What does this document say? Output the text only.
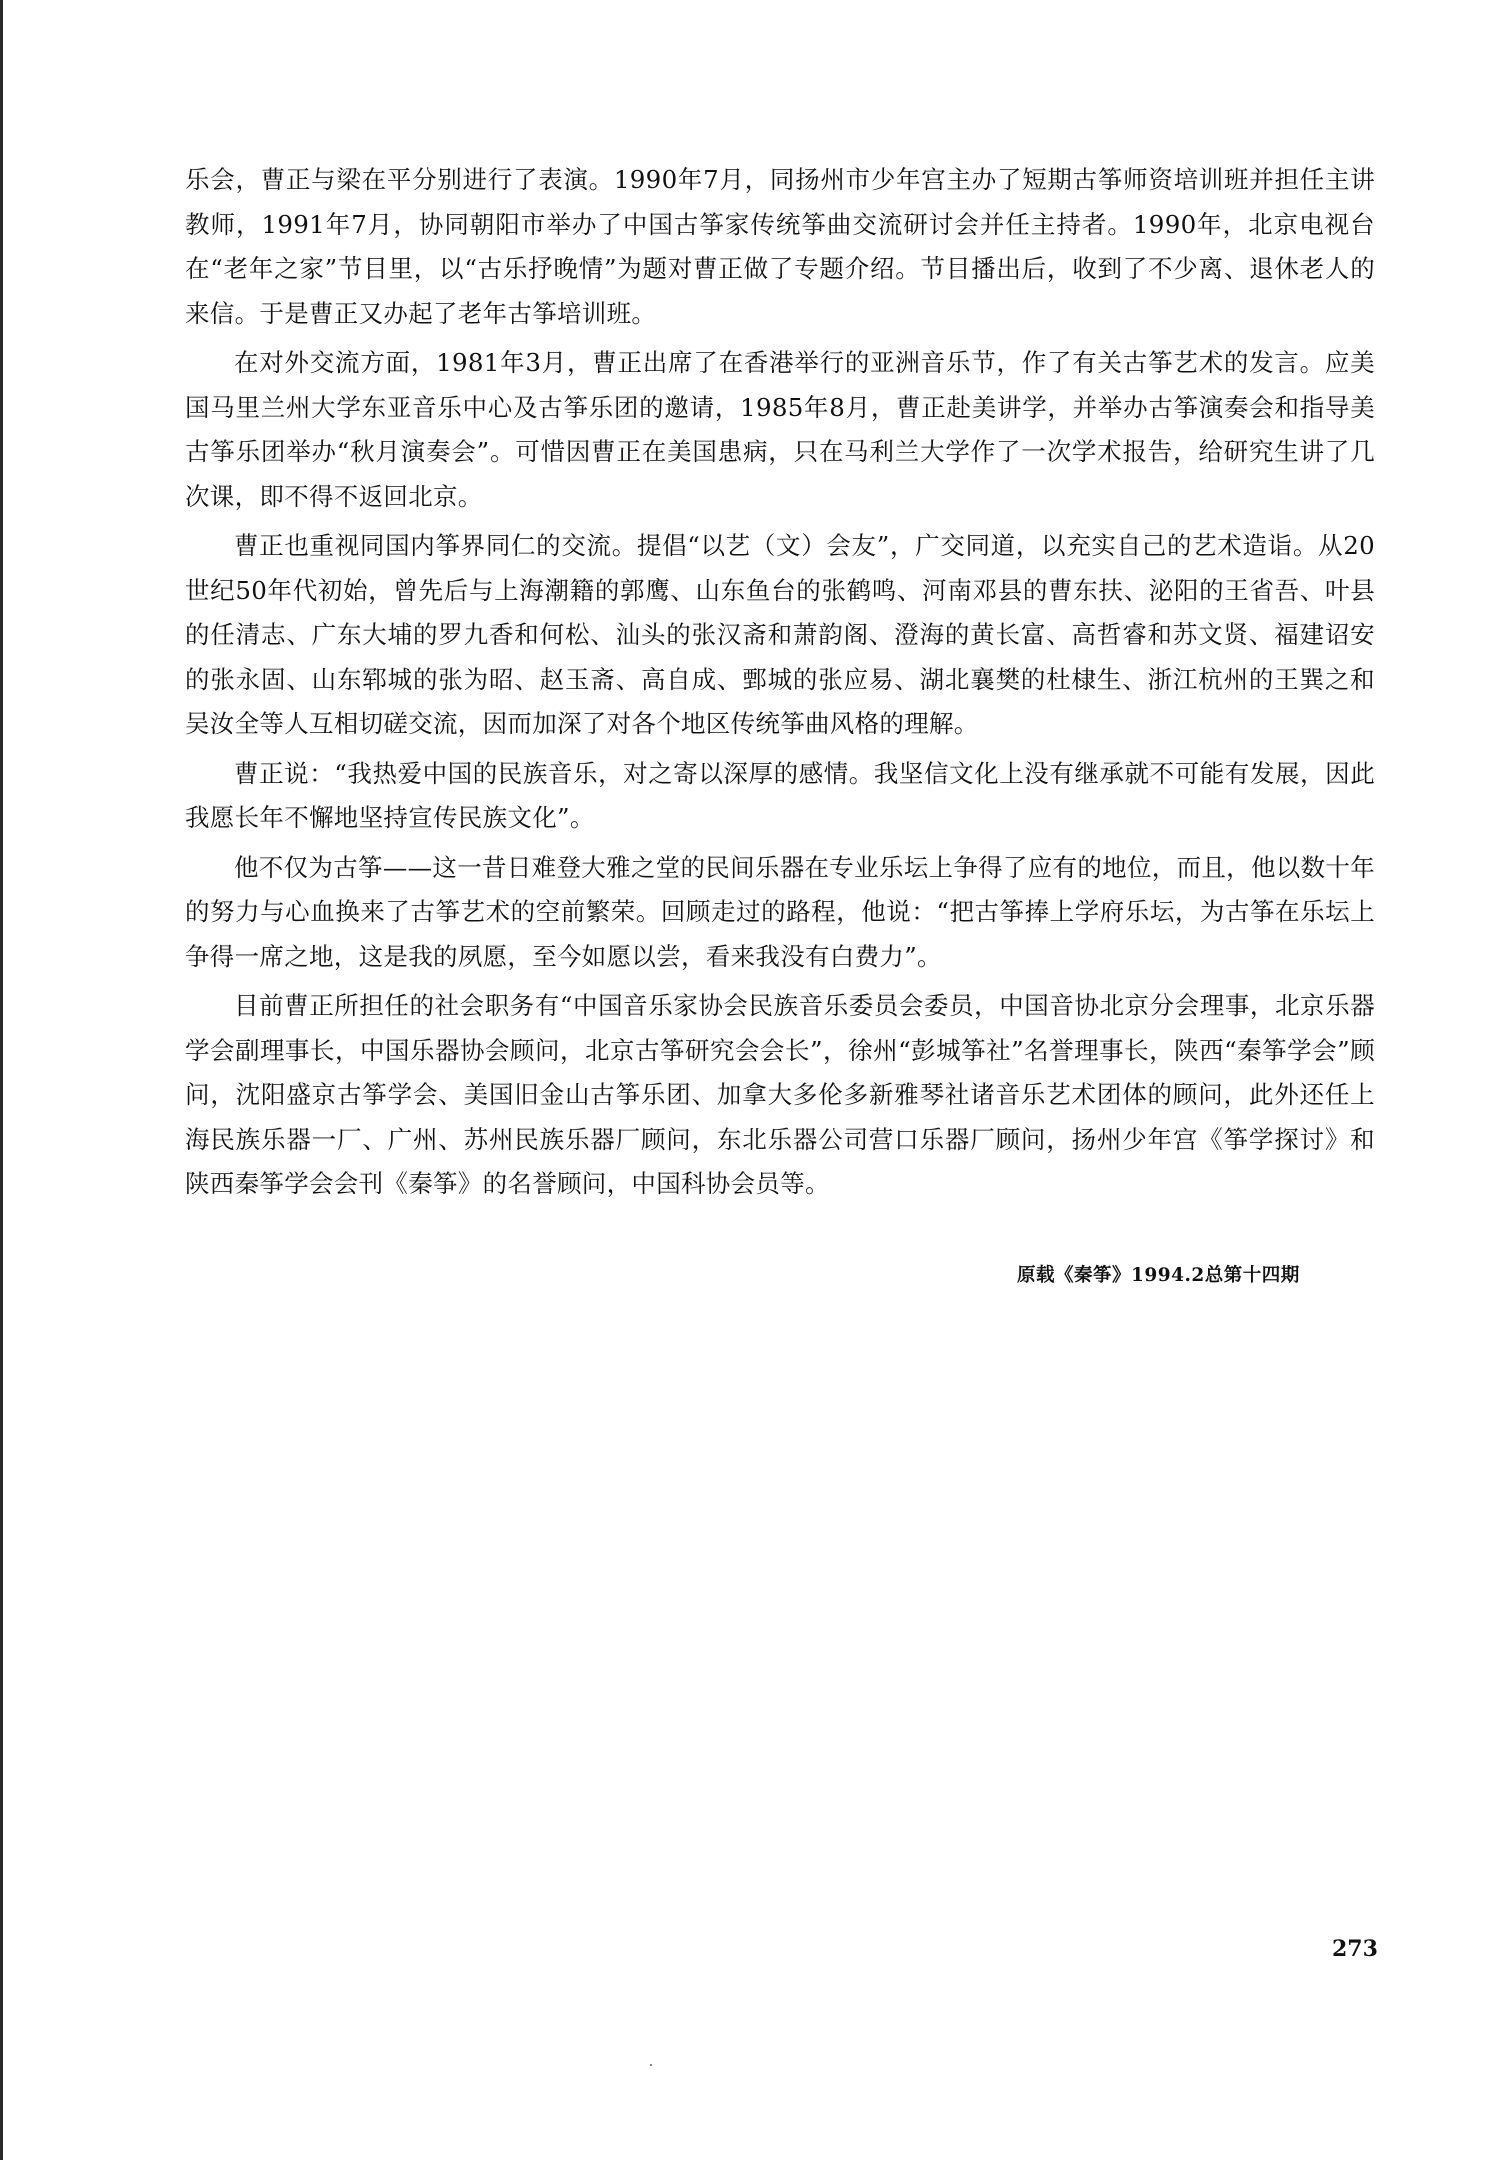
乐会，曹正与梁在平分别进行了表演。1990年7月，同扬州市少年宫主办了短期古筝师资培训班并担任主讲教师，1991年7月，协同朝阳市举办了中国古筝家传统筝曲交流研讨会并任主持者。1990年，北京电视台在“老年之家”节目里，以“古乐抒晚情”为题对曹正做了专题介绍。节目播出后，收到了不少离、退休老人的来信。于是曹正又办起了老年古筝培训班。

在对外交流方面，1981年3月，曹正出席了在香港举行的亚洲音乐节，作了有关古筝艺术的发言。应美国马里兰州大学东亚音乐中心及古筝乐团的邀请，1985年8月，曹正赴美讲学，并举办古筝演奏会和指导美古筝乐团举办“秋月演奏会”。可惜因曹正在美国患病，只在马利兰大学作了一次学术报告，给研究生讲了几次课，即不得不返回北京。

曹正也重视同国内筝界同仁的交流。提倡“以艺（文）会友”，广交同道，以充实自己的艺术造诣。从20世纪50年代初始，曾先后与上海潮籍的郭鹰、山东鱼台的张鹤鸣、河南邓县的曹东扶、泌阳的王省吾、叶县的任清志、广东大埔的罗九香和何松、汕头的张汉斋和萧韵阁、澄海的黄长富、高哲睿和苏文贤、福建诏安的张永固、山东郓城的张为昭、赵玉斋、高自成、鄄城的张应易、湖北襄樊的杜棣生、浙江杭州的王巽之和吴汝全等人互相切磋交流，因而加深了对各个地区传统筝曲风格的理解。

曹正说：“我热爱中国的民族音乐，对之寄以深厚的感情。我坚信文化上没有继承就不可能有发展，因此我愿长年不懈地坚持宣传民族文化”。

他不仅为古筝——这一昔日难登大雅之堂的民间乐器在专业乐坛上争得了应有的地位，而且，他以数十年的努力与心血换来了古筝艺术的空前繁荣。回顾走过的路程，他说：“把古筝捧上学府乐坛，为古筝在乐坛上争得一席之地，这是我的夙愿，至今如愿以尝，看来我没有白费力”。

目前曹正所担任的社会职务有“中国音乐家协会民族音乐委员会委员，中国音协北京分会理事，北京乐器学会副理事长，中国乐器协会顾问，北京古筝研究会会长”，徐州“彭城筝社”名誉理事长，陕西“秦筝学会”顾问，沈阳盛京古筝学会、美国旧金山古筝乐团、加拿大多伦多新雅琴社诸音乐艺术团体的顾问，此外还任上海民族乐器一厂、广州、苏州民族乐器厂顾问，东北乐器公司营口乐器厂顾问，扬州少年宫《筝学探讨》和陕西秦筝学会会刊《秦筝》的名誉顾问，中国科协会员等。

原载《秦筝》1994.2总第十四期
273
